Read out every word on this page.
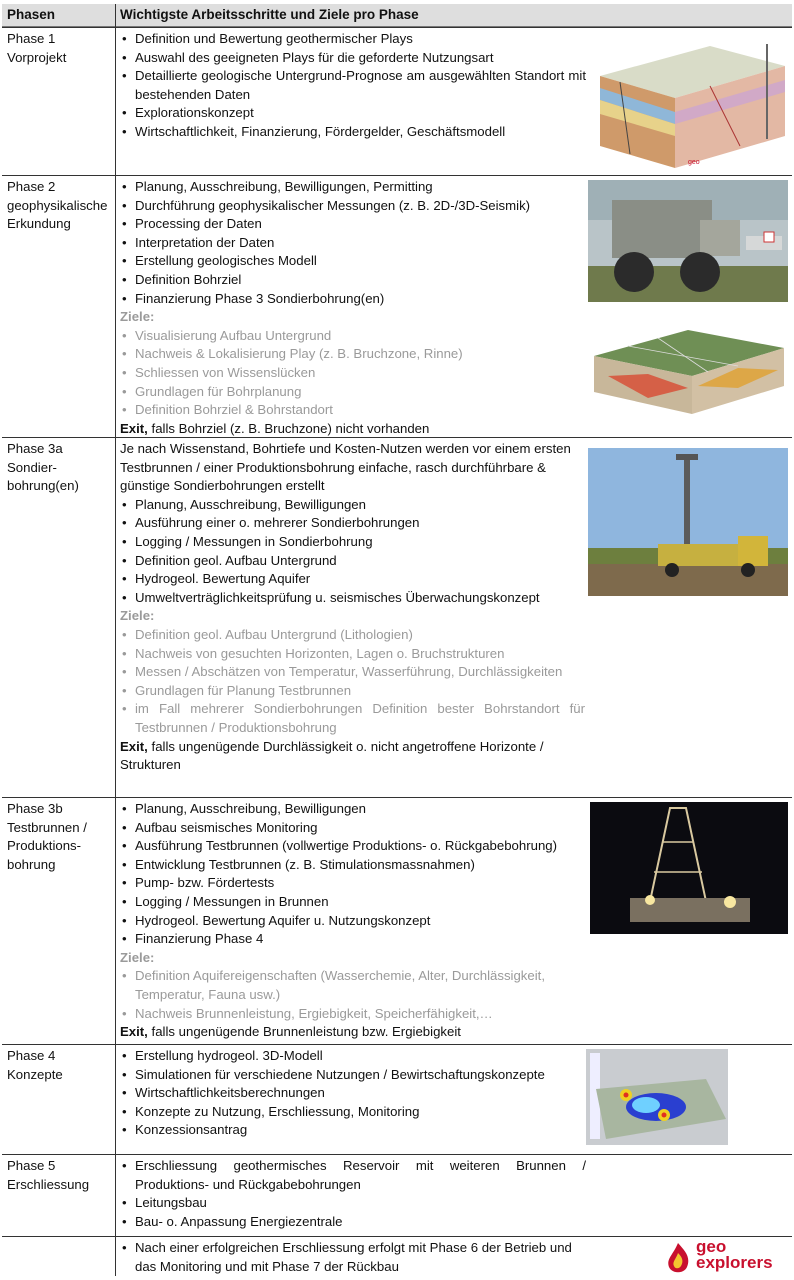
Phasen	Wichtigste Arbeitsschritte und Ziele pro Phase
Phase 1
Vorprojekt
• Definition und Bewertung geothermischer Plays
• Auswahl des geeigneten Plays für die geforderte Nutzungsart
• Detaillierte geologische Untergrund-Prognose am ausgewählten Standort mit bestehenden Daten
• Explorationskonzept
• Wirtschaftlichkeit, Finanzierung, Fördergelder, Geschäftsmodell
geo
Phase 2
geophysikalische Erkundung
• Planung, Ausschreibung, Bewilligungen, Permitting
• Durchführung geophysikalischer Messungen (z. B. 2D-/3D-Seismik)
• Processing der Daten
• Interpretation der Daten
• Erstellung geologisches Modell
• Definition Bohrziel
• Finanzierung Phase 3 Sondierbohrung(en)
Ziele:
• Visualisierung Aufbau Untergrund
• Nachweis & Lokalisierung Play (z. B. Bruchzone, Rinne)
• Schliessen von Wissenslücken
• Grundlagen für Bohrplanung
• Definition Bohrziel & Bohrstandort
Exit, falls Bohrziel (z. B. Bruchzone) nicht vorhanden
Phase 3a
Sondier-
bohrung(en)

Je nach Wissenstand, Bohrtiefe und Kosten-Nutzen werden vor einem ersten Testbrunnen / einer Produktionsbohrung einfache, rasch durchführbare & günstige Sondierbohrungen erstellt

• Planung, Ausschreibung, Bewilligungen
• Ausführung einer o. mehrerer Sondierbohrungen
• Logging / Messungen in Sondierbohrung
• Definition geol. Aufbau Untergrund
• Hydrogeol. Bewertung Aquifer
• Umweltverträglichkeitsprüfung u. seismisches Überwachungskonzept
Ziele:
• Definition geol. Aufbau Untergrund (Lithologien)
• Nachweis von gesuchten Horizonten, Lagen o. Bruchstrukturen
• Messen / Abschätzen von Temperatur, Wasserführung, Durchlässigkeiten
• Grundlagen für Planung Testbrunnen
• im Fall mehrerer Sondierbohrungen Definition bester Bohrstandort für Testbrunnen / Produktionsbohrung
Exit, falls ungenügende Durchlässigkeit o. nicht angetroffene Horizonte / Strukturen
Phase 3b
Testbrunnen / Produktions-
bohrung
• Planung, Ausschreibung, Bewilligungen
• Aufbau seismisches Monitoring
• Ausführung Testbrunnen (vollwertige Produktions- o. Rückgabebohrung)
• Entwicklung Testbrunnen (z. B. Stimulationsmassnahmen)
• Pump- bzw. Fördertests
• Logging / Messungen in Brunnen
• Hydrogeol. Bewertung Aquifer u. Nutzungskonzept
• Finanzierung Phase 4
Ziele:
• Definition Aquifereigenschaften (Wasserchemie, Alter, Durchlässigkeit, Temperatur, Fauna usw.)
• Nachweis Brunnenleistung, Ergiebigkeit, Speicherfähigkeit,…
Exit, falls ungenügende Brunnenleistung bzw. Ergiebigkeit
Phase 4
Konzepte
• Erstellung hydrogeol. 3D-Modell
• Simulationen für verschiedene Nutzungen / Bewirtschaftungskonzepte
• Wirtschaftlichkeitsberechnungen
• Konzepte zu Nutzung, Erschliessung, Monitoring
• Konzessionsantrag
Phase 5
Erschliessung
• Erschliessung geothermisches Reservoir mit weiteren Brunnen / Produktions- und Rückgabebohrungen
• Leitungsbau
• Bau- o. Anpassung Energiezentrale
• Nach einer erfolgreichen Erschliessung erfolgt mit Phase 6 der Betrieb und das Monitoring und mit Phase 7 der Rückbau
geo
explorers
